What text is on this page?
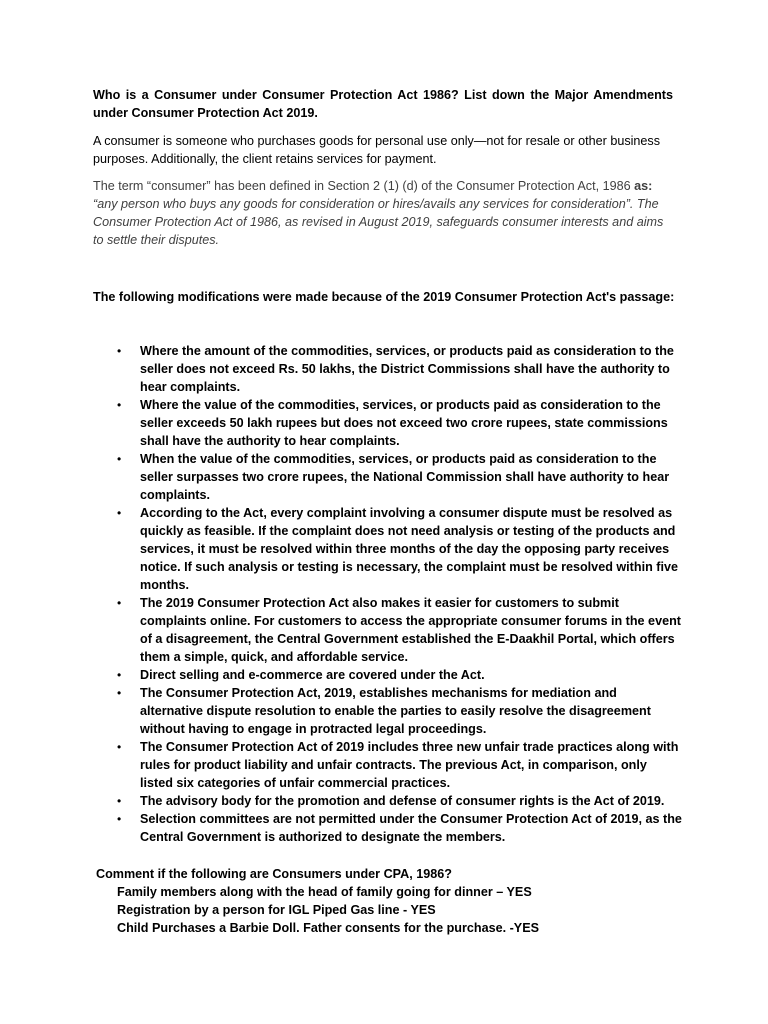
Who is a Consumer under Consumer Protection Act 1986? List down the Major Amendments under Consumer Protection Act 2019.
A consumer is someone who purchases goods for personal use only—not for resale or other business purposes. Additionally, the client retains services for payment.
The term “consumer” has been defined in Section 2 (1) (d) of the Consumer Protection Act, 1986 as: “any person who buys any goods for consideration or hires/avails any services for consideration”. The Consumer Protection Act of 1986, as revised in August 2019, safeguards consumer interests and aims to settle their disputes.
The following modifications were made because of the 2019 Consumer Protection Act's passage:
• Where the amount of the commodities, services, or products paid as consideration to the seller does not exceed Rs. 50 lakhs, the District Commissions shall have the authority to hear complaints.
• Where the value of the commodities, services, or products paid as consideration to the seller exceeds 50 lakh rupees but does not exceed two crore rupees, state commissions shall have the authority to hear complaints.
• When the value of the commodities, services, or products paid as consideration to the seller surpasses two crore rupees, the National Commission shall have authority to hear complaints.
• According to the Act, every complaint involving a consumer dispute must be resolved as quickly as feasible. If the complaint does not need analysis or testing of the products and services, it must be resolved within three months of the day the opposing party receives notice. If such analysis or testing is necessary, the complaint must be resolved within five months.
• The 2019 Consumer Protection Act also makes it easier for customers to submit complaints online. For customers to access the appropriate consumer forums in the event of a disagreement, the Central Government established the E-Daakhil Portal, which offers them a simple, quick, and affordable service.
• Direct selling and e-commerce are covered under the Act.
• The Consumer Protection Act, 2019, establishes mechanisms for mediation and alternative dispute resolution to enable the parties to easily resolve the disagreement without having to engage in protracted legal proceedings.
• The Consumer Protection Act of 2019 includes three new unfair trade practices along with rules for product liability and unfair contracts. The previous Act, in comparison, only listed six categories of unfair commercial practices.
• The advisory body for the promotion and defense of consumer rights is the Act of 2019.
• Selection committees are not permitted under the Consumer Protection Act of 2019, as the Central Government is authorized to designate the members.
Comment if the following are Consumers under CPA, 1986?
Family members along with the head of family going for dinner – YES
Registration by a person for IGL Piped Gas line - YES
Child Purchases a Barbie Doll. Father consents for the purchase. -YES
